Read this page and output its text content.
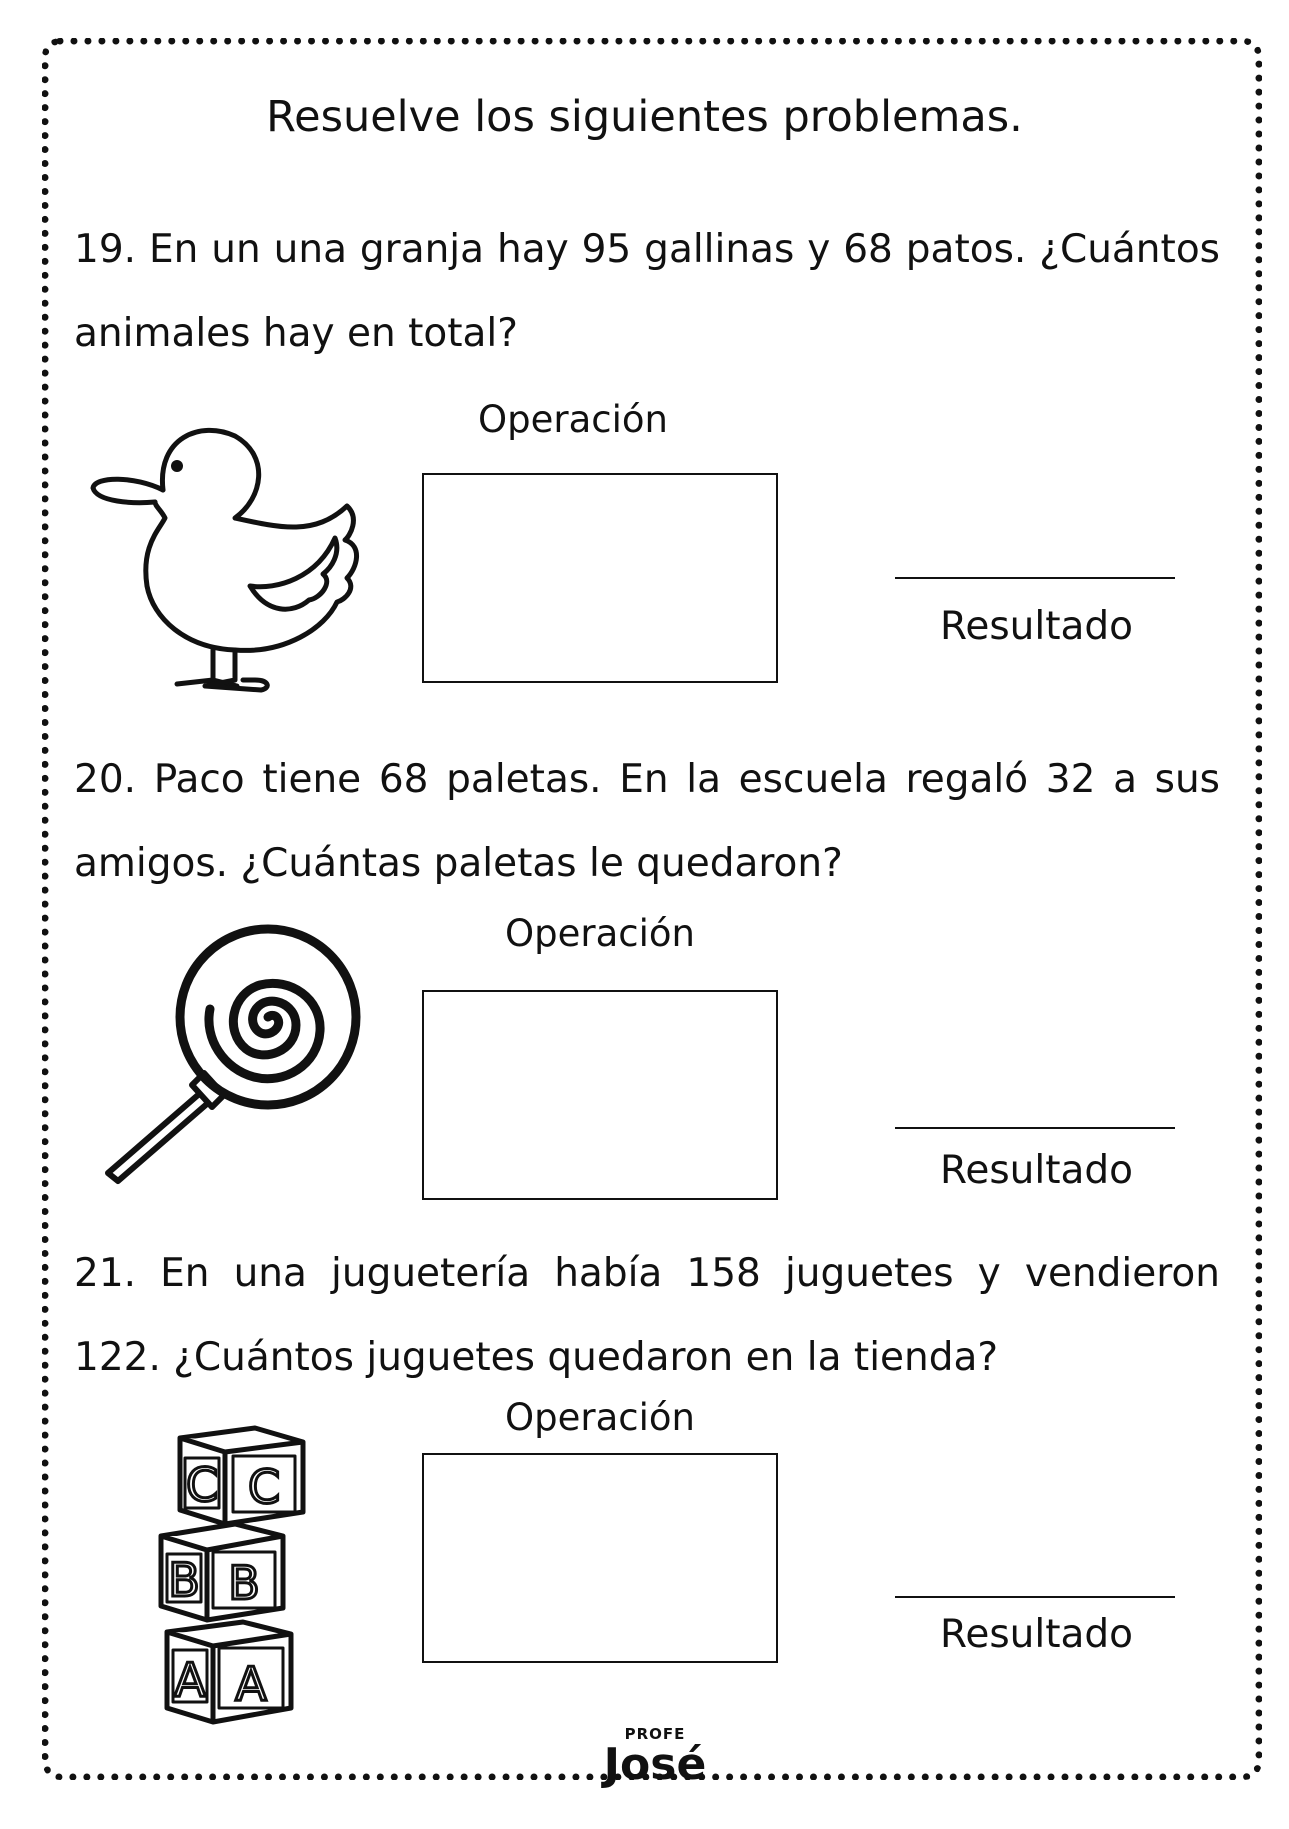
Resuelve los siguientes problemas.
19. En un una granja hay 95 gallinas y 68 patos. ¿Cuántos animales hay en total?
Operación
Resultado
20. Paco tiene 68 paletas. En la escuela regaló 32 a sus amigos. ¿Cuántas paletas le quedaron?
Operación
Resultado
21. En una juguetería había 158 juguetes y vendieron 122. ¿Cuántos juguetes quedaron en la tienda?
Operación
Resultado
C C
B B
A A
PROFE
José
